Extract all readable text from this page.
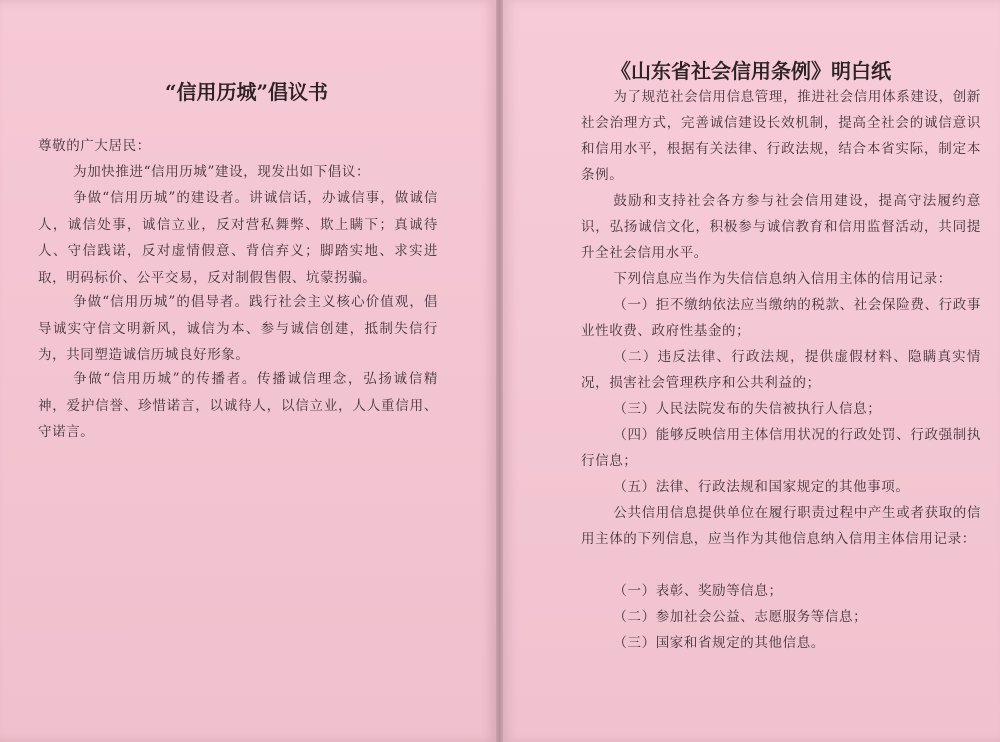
“信用历城”倡议书

尊敬的广大居民：

为加快推进“信用历城”建设，现发出如下倡议：

争做“信用历城”的建设者。讲诚信话，办诚信事，做诚信人，诚信处事，诚信立业，反对营私舞弊、欺上瞒下；真诚待人、守信践诺，反对虚情假意、背信弃义；脚踏实地、求实进取，明码标价、公平交易，反对制假售假、坑蒙拐骗。

争做“信用历城”的倡导者。践行社会主义核心价值观，倡导诚实守信文明新风，诚信为本、参与诚信创建，抵制失信行为，共同塑造诚信历城良好形象。

争做“信用历城”的传播者。传播诚信理念，弘扬诚信精神，爱护信誉、珍惜诺言，以诚待人，以信立业，人人重信用、守诺言。

《山东省社会信用条例》明白纸

为了规范社会信用信息管理，推进社会信用体系建设，创新社会治理方式，完善诚信建设长效机制，提高全社会的诚信意识和信用水平，根据有关法律、行政法规，结合本省实际，制定本条例。

鼓励和支持社会各方参与社会信用建设，提高守法履约意识，弘扬诚信文化，积极参与诚信教育和信用监督活动，共同提升全社会信用水平。

下列信息应当作为失信信息纳入信用主体的信用记录：

（一）拒不缴纳依法应当缴纳的税款、社会保险费、行政事业性收费、政府性基金的；

（二）违反法律、行政法规，提供虚假材料、隐瞒真实情况，损害社会管理秩序和公共利益的；

（三）人民法院发布的失信被执行人信息；

（四）能够反映信用主体信用状况的行政处罚、行政强制执行信息；

（五）法律、行政法规和国家规定的其他事项。

公共信用信息提供单位在履行职责过程中产生或者获取的信用主体的下列信息，应当作为其他信息纳入信用主体信用记录：

（一）表彰、奖励等信息；

（二）参加社会公益、志愿服务等信息；

（三）国家和省规定的其他信息。
